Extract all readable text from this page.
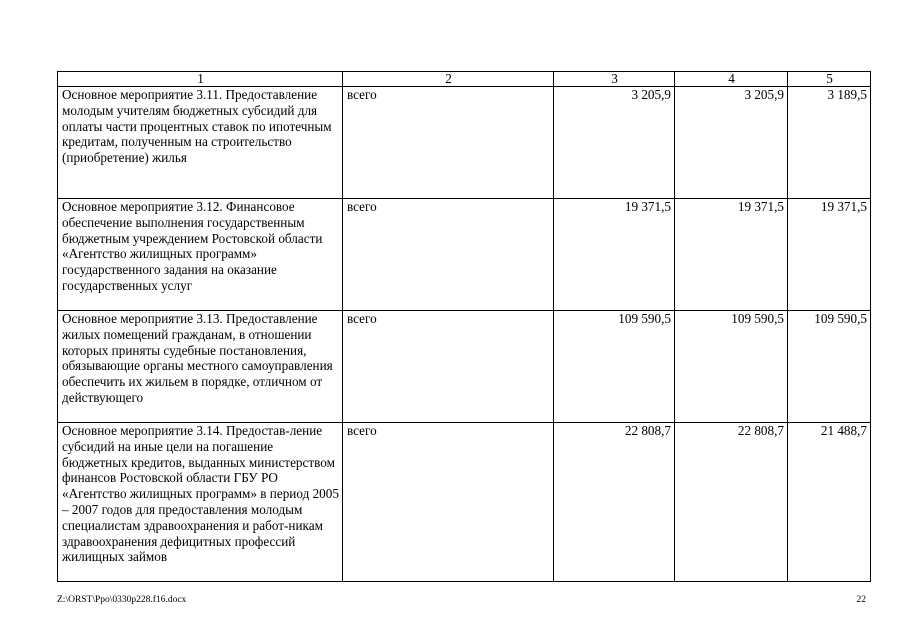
1	2	3	4	5
Основное мероприятие 3.11. Предоставление молодым учителям бюджетных субсидий для оплаты части процентных ставок по ипотечным кредитам, полученным на строительство (приобретение) жилья	всего	3 205,9	3 205,9	3 189,5
Основное мероприятие 3.12. Финансовое обеспечение выполнения государственным бюджетным учреждением Ростовской области «Агентство жилищных программ» государственного задания на оказание государственных услуг	всего	19 371,5	19 371,5	19 371,5
Основное мероприятие 3.13. Предоставление жилых помещений гражданам, в отношении которых приняты судебные постановления, обязывающие органы местного самоуправления обеспечить их жильем в порядке, отличном от действующего	всего	109 590,5	109 590,5	109 590,5
Основное мероприятие 3.14. Предостав-ление субсидий на иные цели на погашение бюджетных кредитов, выданных министерством финансов Ростовской области ГБУ РО «Агентство жилищных программ» в период 2005 – 2007 годов для предоставления молодым специалистам здравоохранения и работ-никам здравоохранения дефицитных профессий жилищных займов	всего	22 808,7	22 808,7	21 488,7
Z:\ORST\Ppo\0330p228.f16.docx	22
